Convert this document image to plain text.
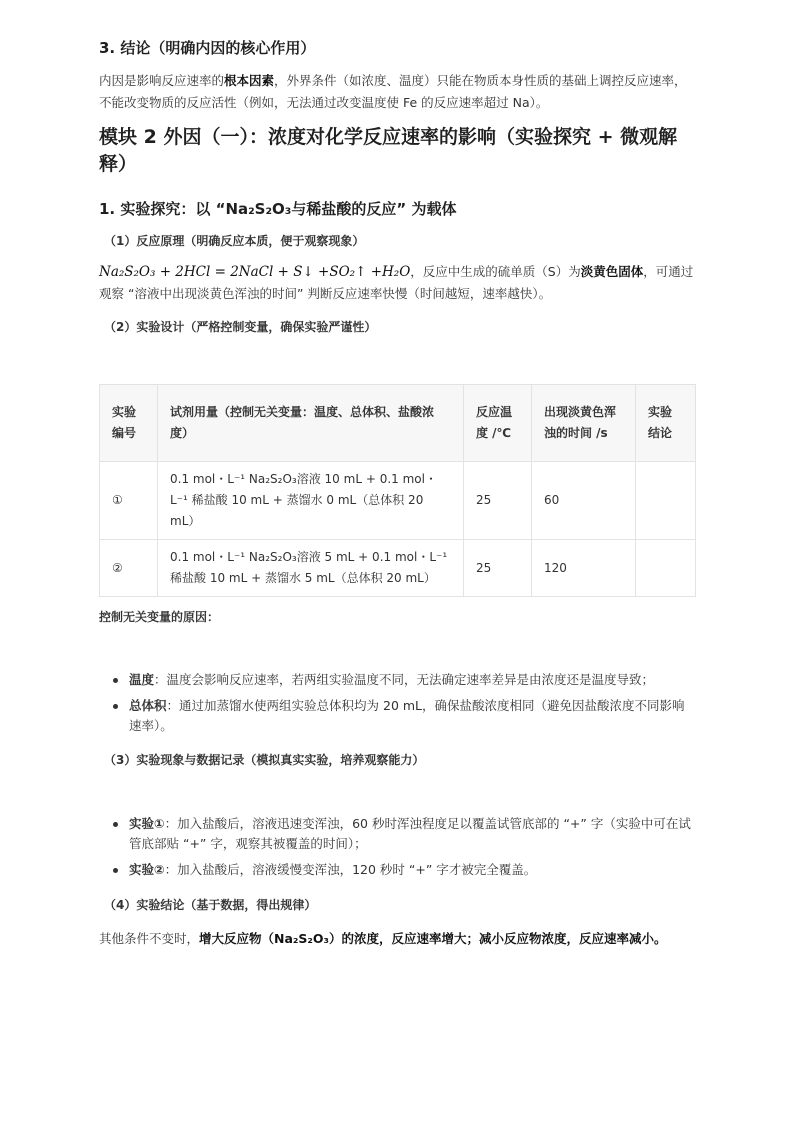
3. 结论（明确内因的核心作用）
内因是影响反应速率的根本因素，外界条件（如浓度、温度）只能在物质本身性质的基础上调控反应速率，不能改变物质的反应活性（例如，无法通过改变温度使 Fe 的反应速率超过 Na）。
模块 2 外因（一）：浓度对化学反应速率的影响（实验探究 + 微观解释）
1. 实验探究：以 “Na₂S₂O₃与稀盐酸的反应” 为载体
（1）反应原理（明确反应本质，便于观察现象）
Na₂S₂O₃ + 2HCl = 2NaCl + S↓ +SO₂↑ +H₂O，反应中生成的硫单质（S）为淡黄色固体，可通过观察 “溶液中出现淡黄色浑浊的时间” 判断反应速率快慢（时间越短，速率越快）。
（2）实验设计（严格控制变量，确保实验严谨性）
实验编号	试剂用量（控制无关变量：温度、总体积、盐酸浓度）	反应温度 /℃	出现淡黄色浑浊的时间 /s	实验结论
①	0.1 mol・L⁻¹ Na₂S₂O₃溶液 10 mL + 0.1 mol・L⁻¹ 稀盐酸 10 mL + 蒸馏水 0 mL（总体积 20 mL）	25	60	
②	0.1 mol・L⁻¹ Na₂S₂O₃溶液 5 mL + 0.1 mol・L⁻¹ 稀盐酸 10 mL + 蒸馏水 5 mL（总体积 20 mL）	25	120	
控制无关变量的原因：
温度：温度会影响反应速率，若两组实验温度不同，无法确定速率差异是由浓度还是温度导致；
总体积：通过加蒸馏水使两组实验总体积均为 20 mL，确保盐酸浓度相同（避免因盐酸浓度不同影响速率）。
（3）实验现象与数据记录（模拟真实实验，培养观察能力）
实验①：加入盐酸后，溶液迅速变浑浊，60 秒时浑浊程度足以覆盖试管底部的 “+” 字（实验中可在试管底部贴 “+” 字，观察其被覆盖的时间）；
实验②：加入盐酸后，溶液缓慢变浑浊，120 秒时 “+” 字才被完全覆盖。
（4）实验结论（基于数据，得出规律）
其他条件不变时，增大反应物（Na₂S₂O₃）的浓度，反应速率增大；减小反应物浓度，反应速率减小。
